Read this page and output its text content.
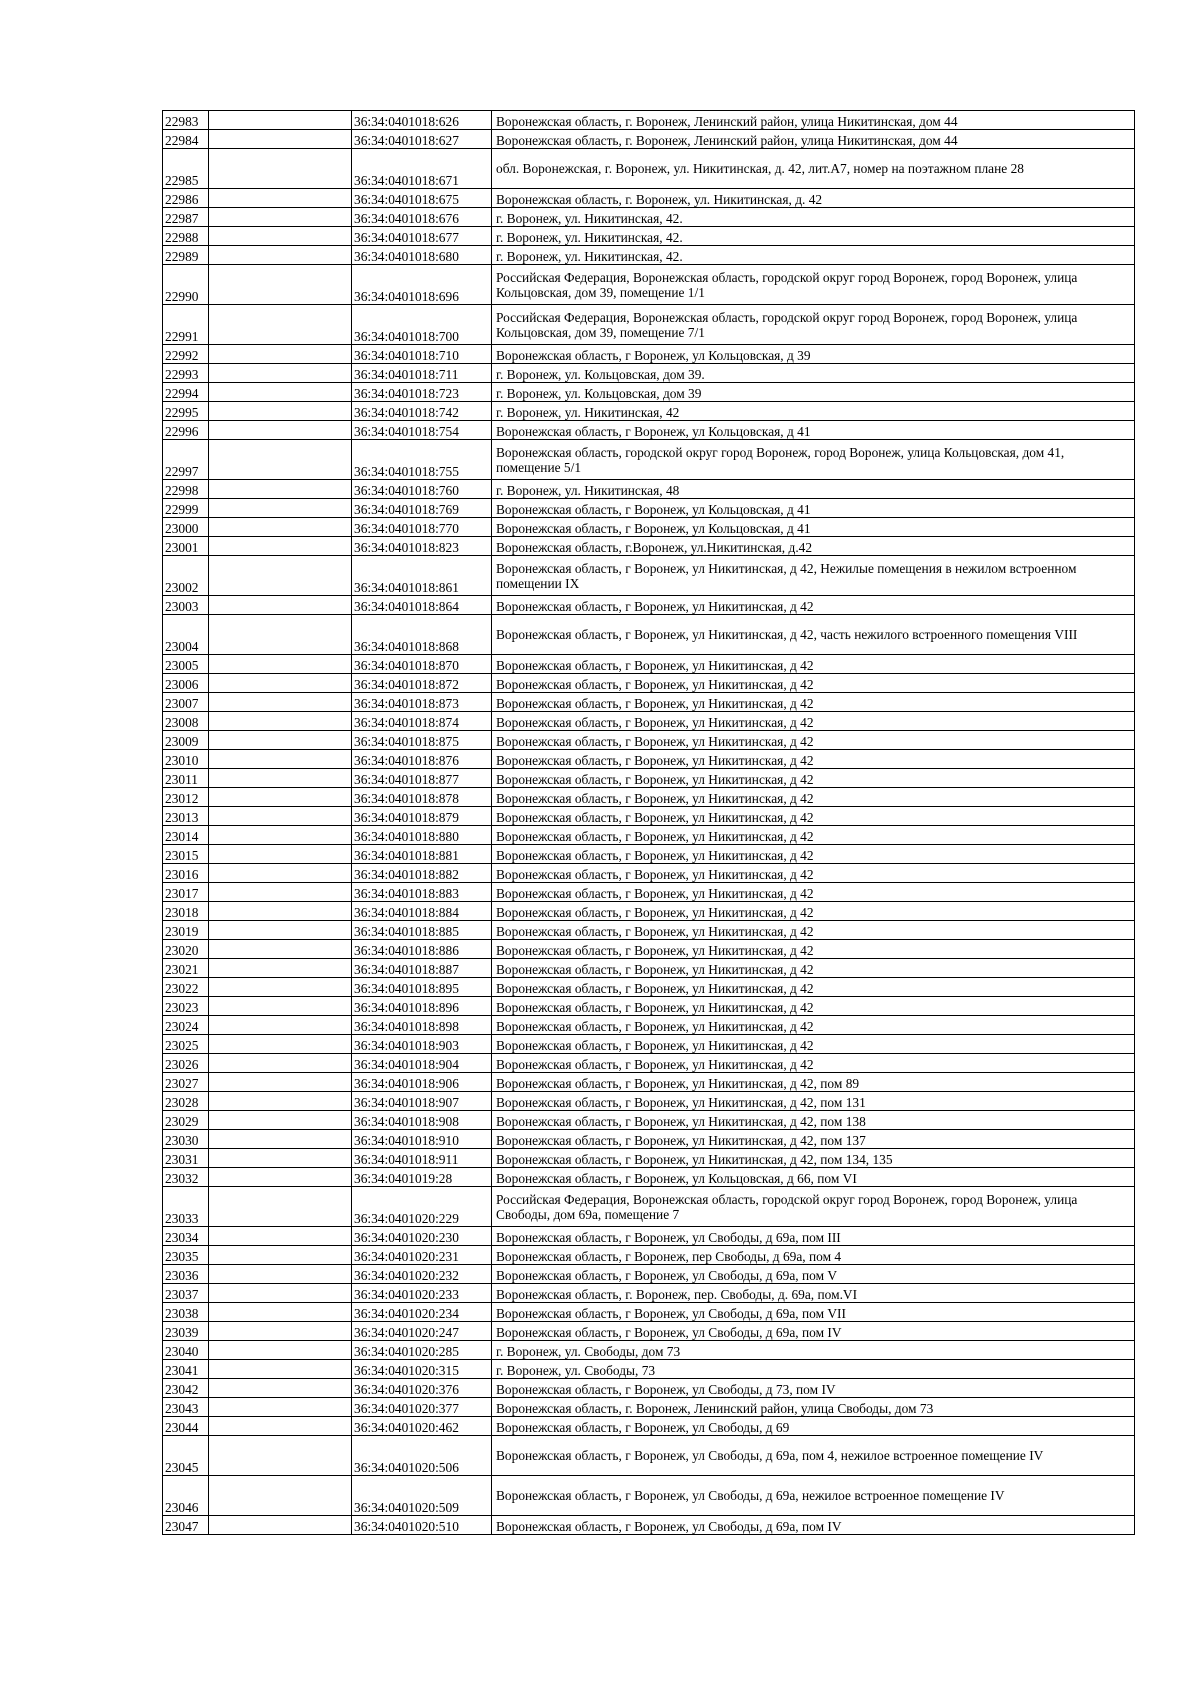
22983		36:34:0401018:626	Воронежская область, г. Воронеж, Ленинский район, улица Никитинская, дом 44
22984		36:34:0401018:627	Воронежская область, г. Воронеж, Ленинский район, улица Никитинская, дом 44
22985		36:34:0401018:671	обл. Воронежская, г. Воронеж, ул. Никитинская, д. 42, лит.А7, номер на поэтажном плане 28
22986		36:34:0401018:675	Воронежская область, г. Воронеж, ул. Никитинская, д. 42
22987		36:34:0401018:676	г. Воронеж, ул. Никитинская, 42.
22988		36:34:0401018:677	г. Воронеж, ул. Никитинская, 42.
22989		36:34:0401018:680	г. Воронеж, ул. Никитинская, 42.
22990		36:34:0401018:696	Российская Федерация, Воронежская область, городской округ город Воронеж, город Воронеж, улица Кольцовская, дом 39, помещение 1/1
22991		36:34:0401018:700	Российская Федерация, Воронежская область, городской округ город Воронеж, город Воронеж, улица Кольцовская, дом 39, помещение 7/1
22992		36:34:0401018:710	Воронежская область, г Воронеж, ул Кольцовская, д 39
22993		36:34:0401018:711	г. Воронеж, ул. Кольцовская, дом 39.
22994		36:34:0401018:723	г. Воронеж, ул. Кольцовская, дом 39
22995		36:34:0401018:742	г. Воронеж, ул. Никитинская, 42
22996		36:34:0401018:754	Воронежская область, г Воронеж, ул Кольцовская, д 41
22997		36:34:0401018:755	Воронежская область, городской округ город Воронеж, город Воронеж, улица Кольцовская, дом 41, помещение 5/1
22998		36:34:0401018:760	г. Воронеж, ул. Никитинская, 48
22999		36:34:0401018:769	Воронежская область, г Воронеж, ул Кольцовская, д 41
23000		36:34:0401018:770	Воронежская область, г Воронеж, ул Кольцовская, д 41
23001		36:34:0401018:823	Воронежская область, г.Воронеж, ул.Никитинская, д.42
23002		36:34:0401018:861	Воронежская область, г Воронеж, ул Никитинская, д 42, Нежилые помещения в нежилом встроенном помещении IX
23003		36:34:0401018:864	Воронежская область, г Воронеж, ул Никитинская, д 42
23004		36:34:0401018:868	Воронежская область, г Воронеж, ул Никитинская, д 42, часть нежилого встроенного помещения VIII
23005		36:34:0401018:870	Воронежская область, г Воронеж, ул Никитинская, д 42
23006		36:34:0401018:872	Воронежская область, г Воронеж, ул Никитинская, д 42
23007		36:34:0401018:873	Воронежская область, г Воронеж, ул Никитинская, д 42
23008		36:34:0401018:874	Воронежская область, г Воронеж, ул Никитинская, д 42
23009		36:34:0401018:875	Воронежская область, г Воронеж, ул Никитинская, д 42
23010		36:34:0401018:876	Воронежская область, г Воронеж, ул Никитинская, д 42
23011		36:34:0401018:877	Воронежская область, г Воронеж, ул Никитинская, д 42
23012		36:34:0401018:878	Воронежская область, г Воронеж, ул Никитинская, д 42
23013		36:34:0401018:879	Воронежская область, г Воронеж, ул Никитинская, д 42
23014		36:34:0401018:880	Воронежская область, г Воронеж, ул Никитинская, д 42
23015		36:34:0401018:881	Воронежская область, г Воронеж, ул Никитинская, д 42
23016		36:34:0401018:882	Воронежская область, г Воронеж, ул Никитинская, д 42
23017		36:34:0401018:883	Воронежская область, г Воронеж, ул Никитинская, д 42
23018		36:34:0401018:884	Воронежская область, г Воронеж, ул Никитинская, д 42
23019		36:34:0401018:885	Воронежская область, г Воронеж, ул Никитинская, д 42
23020		36:34:0401018:886	Воронежская область, г Воронеж, ул Никитинская, д 42
23021		36:34:0401018:887	Воронежская область, г Воронеж, ул Никитинская, д 42
23022		36:34:0401018:895	Воронежская область, г Воронеж, ул Никитинская, д 42
23023		36:34:0401018:896	Воронежская область, г Воронеж, ул Никитинская, д 42
23024		36:34:0401018:898	Воронежская область, г Воронеж, ул Никитинская, д 42
23025		36:34:0401018:903	Воронежская область, г Воронеж, ул Никитинская, д 42
23026		36:34:0401018:904	Воронежская область, г Воронеж, ул Никитинская, д 42
23027		36:34:0401018:906	Воронежская область, г Воронеж, ул Никитинская, д 42, пом 89
23028		36:34:0401018:907	Воронежская область, г Воронеж, ул Никитинская, д 42, пом 131
23029		36:34:0401018:908	Воронежская область, г Воронеж, ул Никитинская, д 42, пом 138
23030		36:34:0401018:910	Воронежская область, г Воронеж, ул Никитинская, д 42, пом 137
23031		36:34:0401018:911	Воронежская область, г Воронеж, ул Никитинская, д 42, пом 134, 135
23032		36:34:0401019:28	Воронежская область, г Воронеж, ул Кольцовская, д 66, пом VI
23033		36:34:0401020:229	Российская Федерация, Воронежская область, городской округ город Воронеж, город Воронеж, улица Свободы, дом 69а, помещение 7
23034		36:34:0401020:230	Воронежская область, г Воронеж, ул Свободы, д 69а, пом III
23035		36:34:0401020:231	Воронежская область, г Воронеж, пер Свободы, д 69а, пом 4
23036		36:34:0401020:232	Воронежская область, г Воронеж, ул Свободы, д 69а, пом V
23037		36:34:0401020:233	Воронежская область, г. Воронеж, пер. Свободы, д. 69а, пом.VI
23038		36:34:0401020:234	Воронежская область, г Воронеж, ул Свободы, д 69а, пом VII
23039		36:34:0401020:247	Воронежская область, г Воронеж, ул Свободы, д 69а, пом IV
23040		36:34:0401020:285	г. Воронеж, ул. Свободы, дом 73
23041		36:34:0401020:315	г. Воронеж, ул. Свободы, 73
23042		36:34:0401020:376	Воронежская область, г Воронеж, ул Свободы, д 73, пом IV
23043		36:34:0401020:377	Воронежская область, г. Воронеж, Ленинский район, улица Свободы, дом 73
23044		36:34:0401020:462	Воронежская область, г Воронеж, ул Свободы, д 69
23045		36:34:0401020:506	Воронежская область, г Воронеж, ул Свободы, д 69а, пом 4, нежилое встроенное помещение IV
23046		36:34:0401020:509	Воронежская область, г Воронеж, ул Свободы, д 69а, нежилое встроенное помещение IV
23047		36:34:0401020:510	Воронежская область, г Воронеж, ул Свободы, д 69а, пом IV
